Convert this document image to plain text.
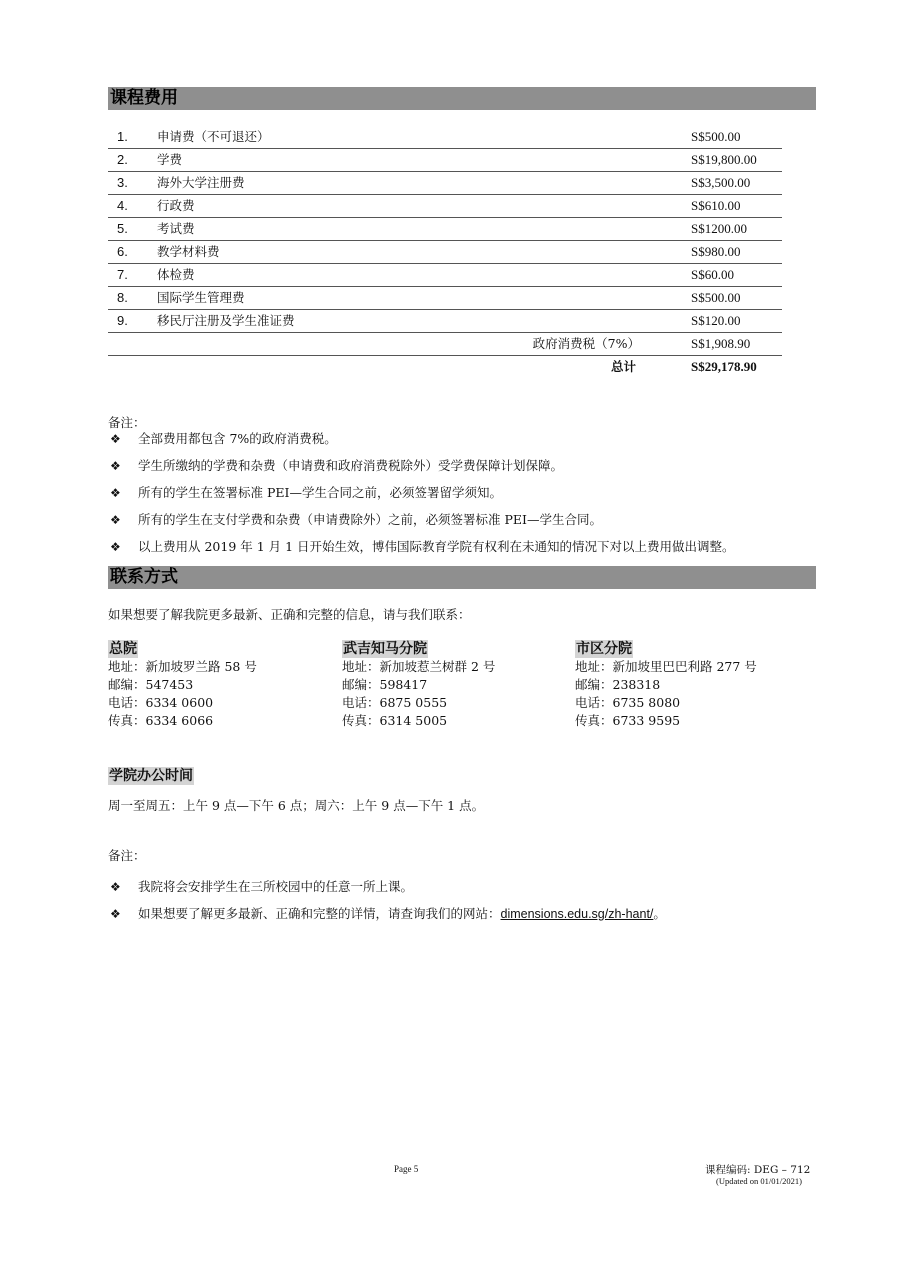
课程费用
1. 申请费（不可退还）	S$500.00
2. 学费	S$19,800.00
3. 海外大学注册费	S$3,500.00
4. 行政费	S$610.00
5. 考试费	S$1200.00
6. 教学材料费	S$980.00
7. 体检费	S$60.00
8. 国际学生管理费	S$500.00
9. 移民厅注册及学生准证费	S$120.00
政府消费税（7%）	S$1,908.90
总计	S$29,178.90
备注：
❖ 全部费用都包含 7%的政府消费税。
❖ 学生所缴纳的学费和杂费（申请费和政府消费税除外）受学费保障计划保障。
❖ 所有的学生在签署标准 PEI—学生合同之前，必须签署留学须知。
❖ 所有的学生在支付学费和杂费（申请费除外）之前，必须签署标准 PEI—学生合同。
❖ 以上费用从 2019 年 1 月 1 日开始生效，博伟国际教育学院有权利在未通知的情况下对以上费用做出调整。
联系方式
如果想要了解我院更多最新、正确和完整的信息，请与我们联系：
总院
地址：新加坡罗兰路 58 号
邮编：547453
电话：6334 0600
传真：6334 6066
武吉知马分院
地址：新加坡惹兰树群 2 号
邮编：598417
电话：6875 0555
传真：6314 5005
市区分院
地址：新加坡里巴巴利路 277 号
邮编：238318
电话：6735 8080
传真：6733 9595
学院办公时间
周一至周五：上午 9 点—下午 6 点；周六：上午 9 点—下午 1 点。
备注：
❖ 我院将会安排学生在三所校园中的任意一所上课。
❖ 如果想要了解更多最新、正确和完整的详情，请查询我们的网站：dimensions.edu.sg/zh-hant/。
Page 5	课程编码: DEG – 712
(Updated on 01/01/2021)
